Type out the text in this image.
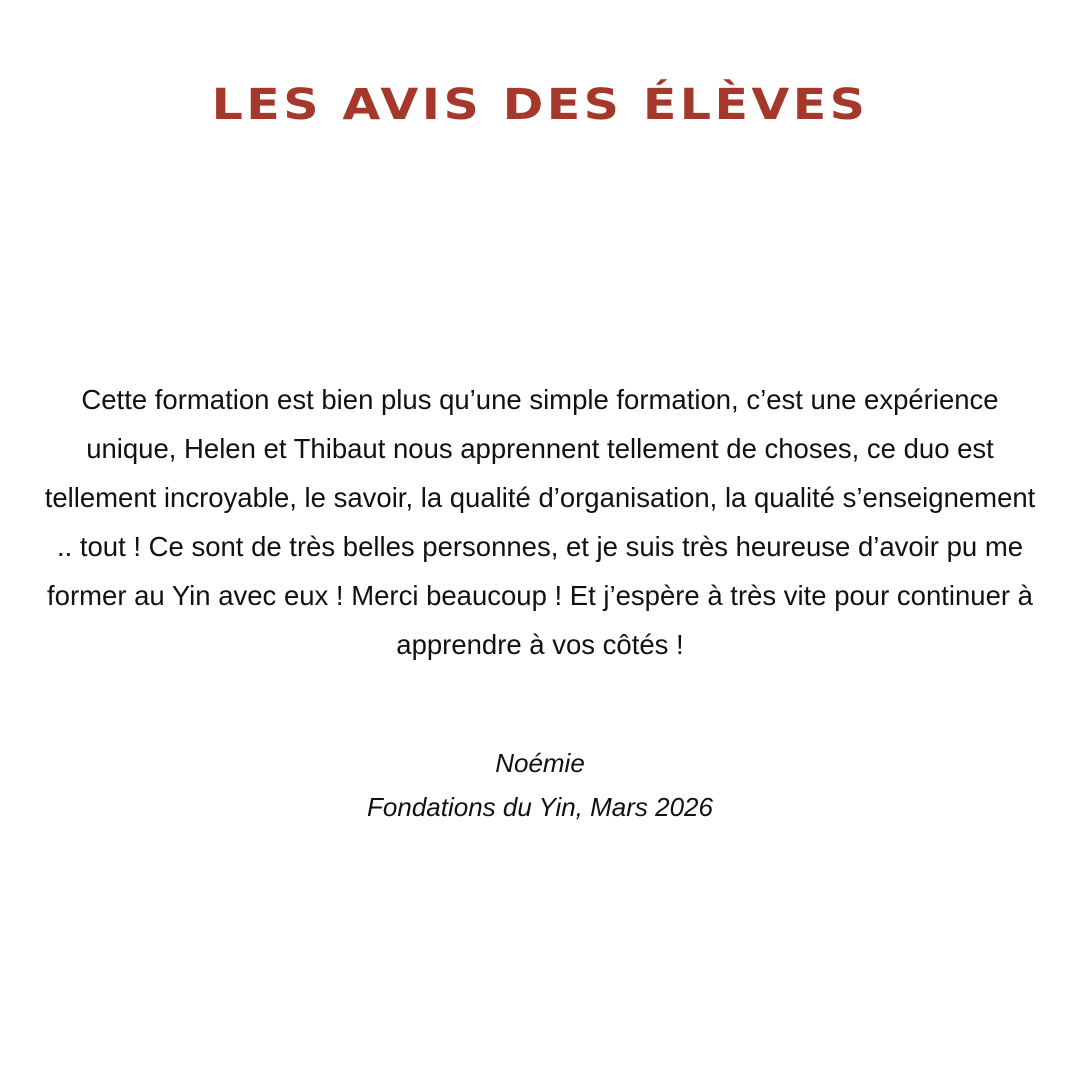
LES AVIS DES ÉLÈVES

Cette formation est bien plus qu’une simple formation, c’est une expérience unique, Helen et Thibaut nous apprennent tellement de choses, ce duo est tellement incroyable, le savoir, la qualité d’organisation, la qualité s’enseignement .. tout ! Ce sont de très belles personnes, et je suis très heureuse d’avoir pu me former au Yin avec eux ! Merci beaucoup ! Et j’espère à très vite pour continuer à apprendre à vos côtés !

Noémie
Fondations du Yin, Mars 2026
